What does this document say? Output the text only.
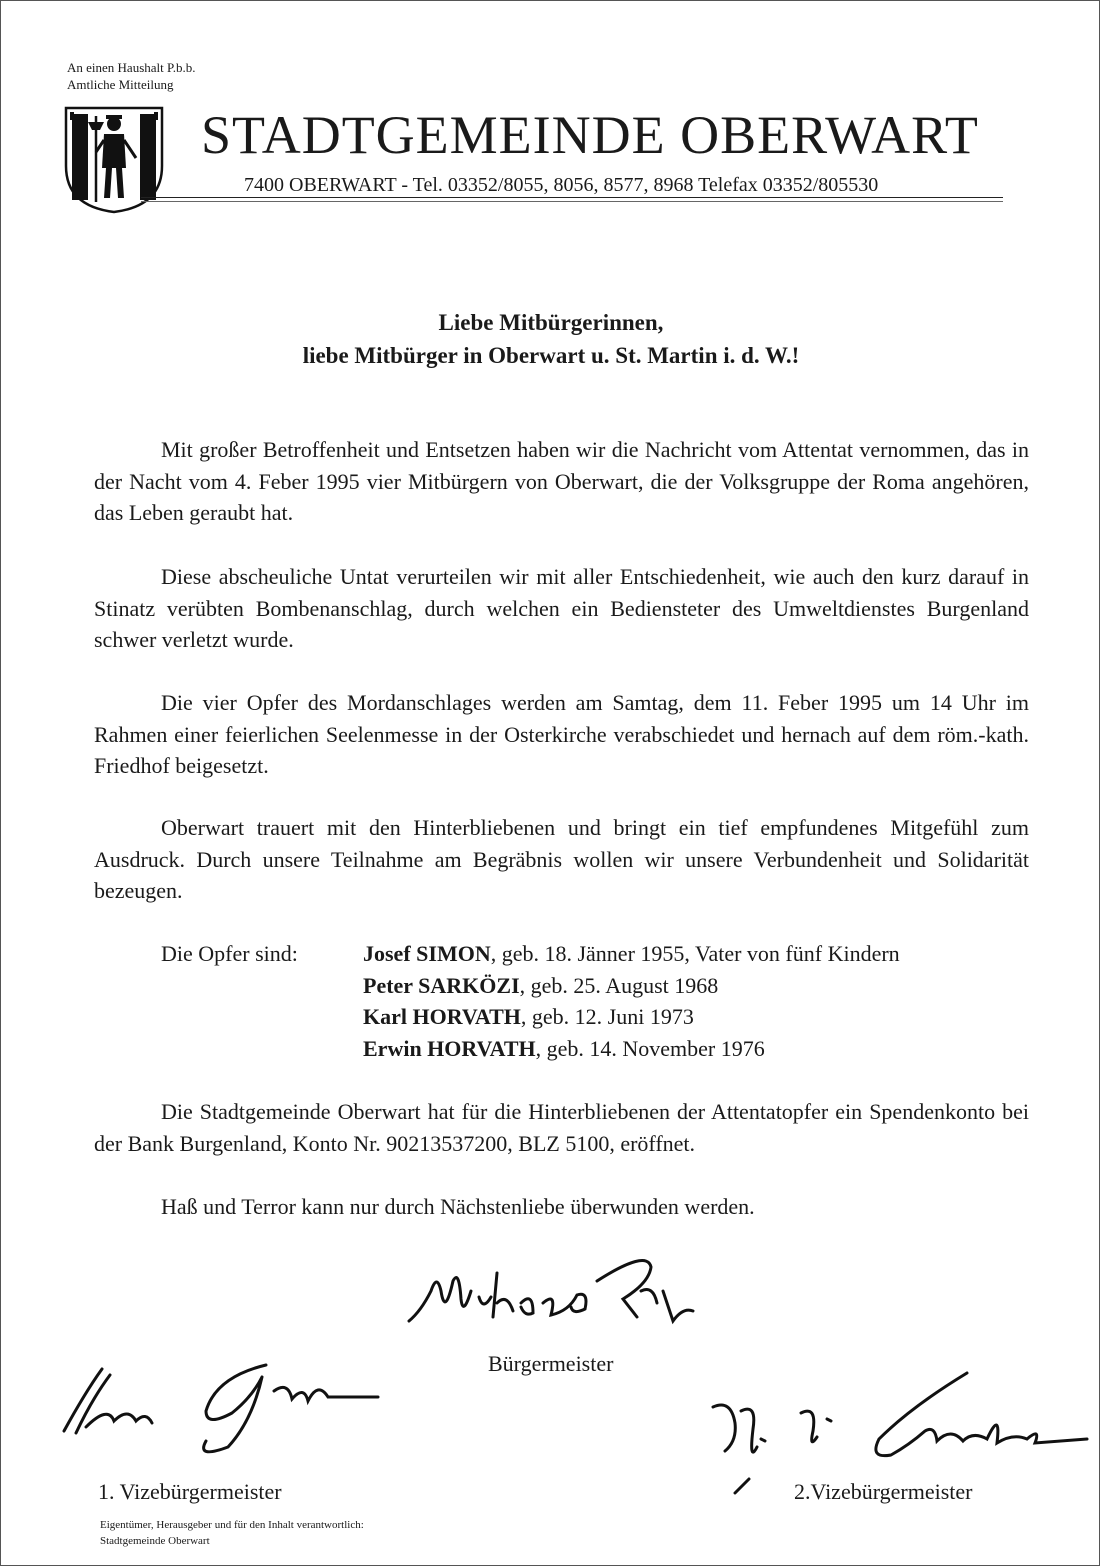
An einen Haushalt P.b.b.
Amtliche Mitteilung
STADTGEMEINDE OBERWART
7400 OBERWART - Tel. 03352/8055, 8056, 8577, 8968 Telefax 03352/805530
Liebe Mitbürgerinnen,
liebe Mitbürger in Oberwart u. St. Martin i. d. W.!

Mit großer Betroffenheit und Entsetzen haben wir die Nachricht vom Attentat vernommen, das in der Nacht vom 4. Feber 1995 vier Mitbürgern von Oberwart, die der Volksgruppe der Roma angehören, das Leben geraubt hat.

Diese abscheuliche Untat verurteilen wir mit aller Entschiedenheit, wie auch den kurz darauf in Stinatz verübten Bombenanschlag, durch welchen ein Bediensteter des Umweltdienstes Burgenland schwer verletzt wurde.

Die vier Opfer des Mordanschlages werden am Samtag, dem 11. Feber 1995 um 14 Uhr im Rahmen einer feierlichen Seelenmesse in der Osterkirche verabschiedet und hernach auf dem röm.-kath. Friedhof beigesetzt.

Oberwart trauert mit den Hinterbliebenen und bringt ein tief empfundenes Mitgefühl zum Ausdruck. Durch unsere Teilnahme am Begräbnis wollen wir unsere Verbundenheit und Solidarität bezeugen.

Die Opfer sind:	Josef SIMON, geb. 18. Jänner 1955, Vater von fünf Kindern
Peter SARKÖZI, geb. 25. August 1968
Karl HORVATH, geb. 12. Juni 1973
Erwin HORVATH, geb. 14. November 1976

Die Stadtgemeinde Oberwart hat für die Hinterbliebenen der Attentatopfer ein Spendenkonto bei der Bank Burgenland, Konto Nr. 90213537200, BLZ 5100, eröffnet.

Haß und Terror kann nur durch Nächstenliebe überwunden werden.
Bürgermeister
1. Vizebürgermeister	2.Vizebürgermeister
Eigentümer, Herausgeber und für den Inhalt verantwortlich:
Stadtgemeinde Oberwart
